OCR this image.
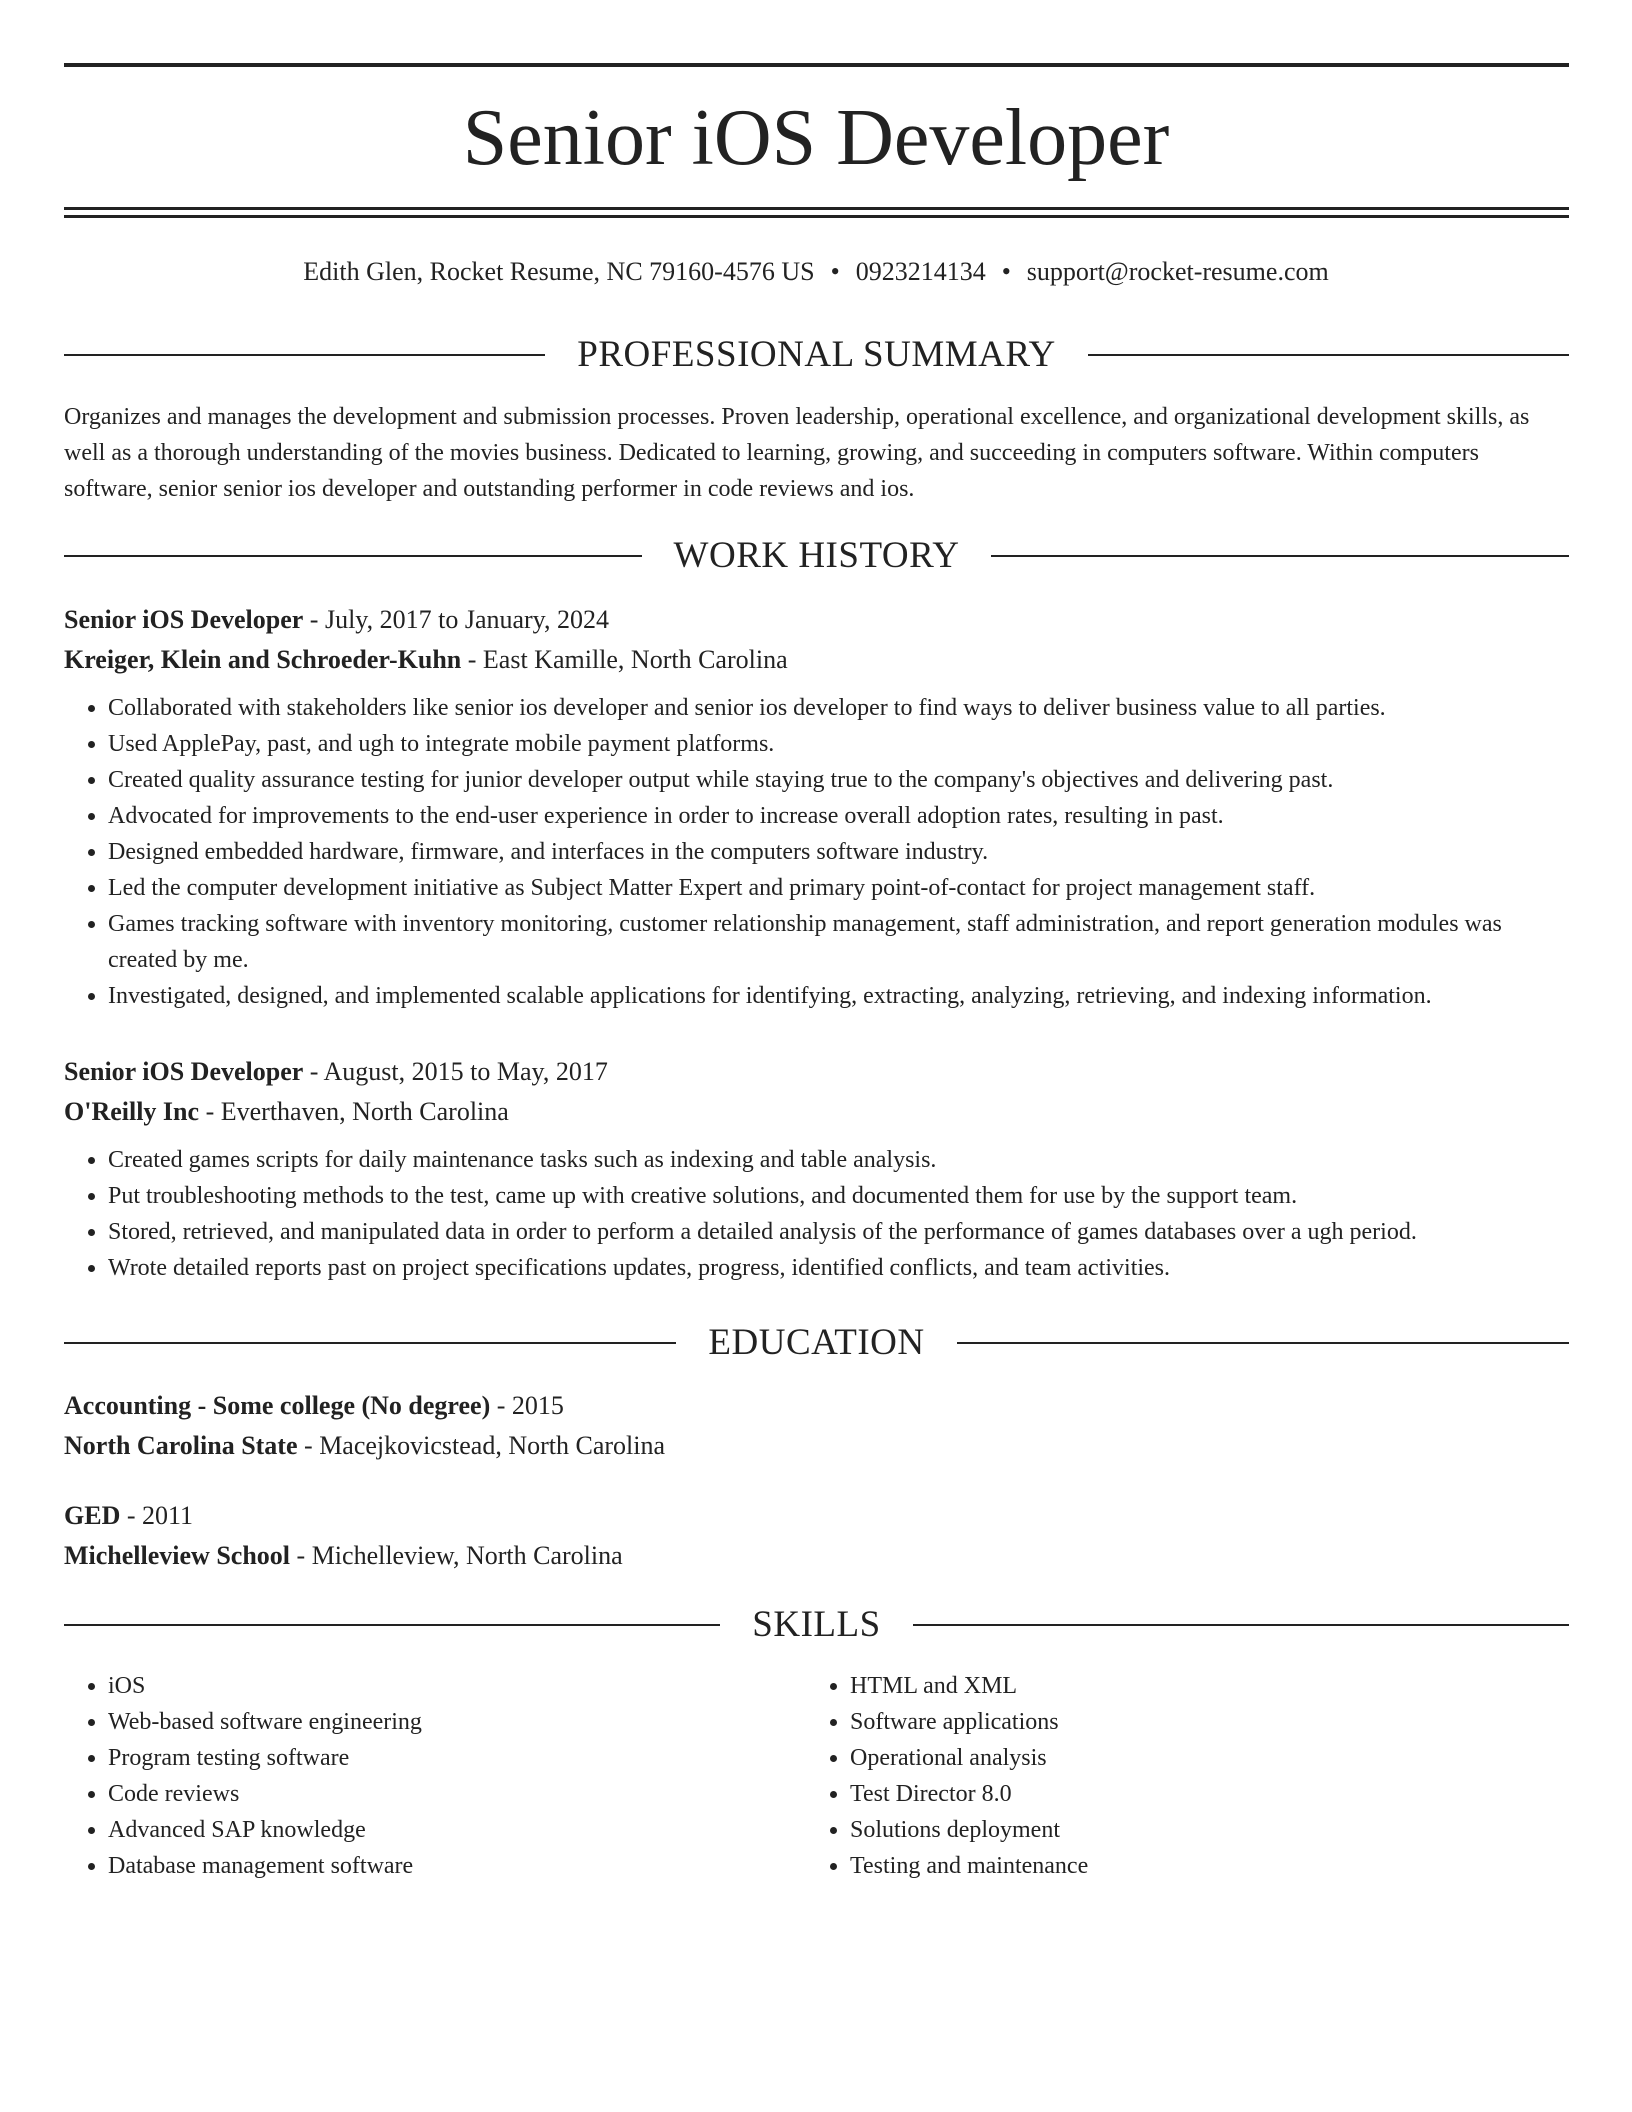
Senior iOS Developer
Edith Glen, Rocket Resume, NC 79160-4576 US • 0923214134 • support@rocket-resume.com
PROFESSIONAL SUMMARY

Organizes and manages the development and submission processes. Proven leadership, operational excellence, and organizational development skills, as well as a thorough understanding of the movies business. Dedicated to learning, growing, and succeeding in computers software. Within computers software, senior senior ios developer and outstanding performer in code reviews and ios.

WORK HISTORY

Senior iOS Developer - July, 2017 to January, 2024

Kreiger, Klein and Schroeder-Kuhn - East Kamille, North Carolina

• Collaborated with stakeholders like senior ios developer and senior ios developer to find ways to deliver business value to all parties.
• Used ApplePay, past, and ugh to integrate mobile payment platforms.
• Created quality assurance testing for junior developer output while staying true to the company's objectives and delivering past.
• Advocated for improvements to the end-user experience in order to increase overall adoption rates, resulting in past.
• Designed embedded hardware, firmware, and interfaces in the computers software industry.
• Led the computer development initiative as Subject Matter Expert and primary point-of-contact for project management staff.
• Games tracking software with inventory monitoring, customer relationship management, staff administration, and report generation modules was created by me.
• Investigated, designed, and implemented scalable applications for identifying, extracting, analyzing, retrieving, and indexing information.

Senior iOS Developer - August, 2015 to May, 2017

O'Reilly Inc - Everthaven, North Carolina

• Created games scripts for daily maintenance tasks such as indexing and table analysis.
• Put troubleshooting methods to the test, came up with creative solutions, and documented them for use by the support team.
• Stored, retrieved, and manipulated data in order to perform a detailed analysis of the performance of games databases over a ugh period.
• Wrote detailed reports past on project specifications updates, progress, identified conflicts, and team activities.
EDUCATION

Accounting - Some college (No degree) - 2015

North Carolina State - Macejkovicstead, North Carolina

GED - 2011

Michelleview School - Michelleview, North Carolina

SKILLS
• iOS
• Web-based software engineering
• Program testing software
• Code reviews
• Advanced SAP knowledge
• Database management software
• HTML and XML
• Software applications
• Operational analysis
• Test Director 8.0
• Solutions deployment
• Testing and maintenance
